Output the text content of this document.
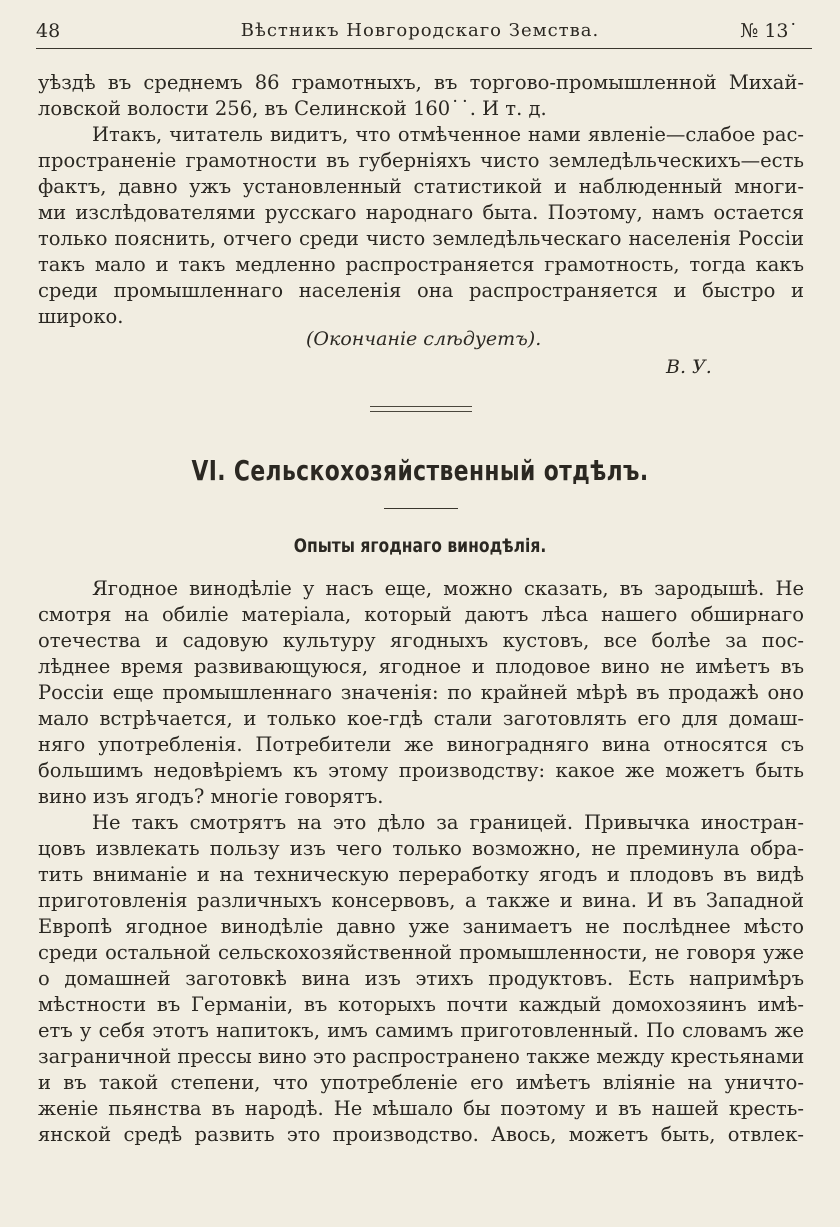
48	Вѣстникъ Новгородскаго Земства.	№ 13˙
уѣздѣ въ среднемъ 86 грамотныхъ, въ торгово-промышленной Михай-
ловской волости 256, въ Селинской 160˙˙. И т. д.
Итакъ, читатель видитъ, что отмѣченное нами явленіе—слабое рас-
пространеніе грамотности въ губерніяхъ чисто земледѣльческихъ—есть
фактъ, давно ужъ установленный статистикой и наблюденный многи-
ми изслѣдователями русскаго народнаго быта. Поэтому, намъ остается
только пояснить, отчего среди чисто земледѣльческаго населенія Россіи
такъ мало и такъ медленно распространяется грамотность, тогда какъ
среди промышленнаго населенія она распространяется и быстро и
широко.
(Окончаніе слѣдуетъ).
В. У.
VI. Сельскохозяйственный отдѣлъ.
Опыты ягоднаго винодѣлія.
Ягодное винодѣліе у насъ еще, можно сказать, въ зародышѣ. Не
смотря на обиліе матеріала, который даютъ лѣса нашего обширнаго
отечества и садовую культуру ягодныхъ кустовъ, все болѣе за пос-
лѣднее время развивающуюся, ягодное и плодовое вино не имѣетъ въ
Россіи еще промышленнаго значенія: по крайней мѣрѣ въ продажѣ оно
мало встрѣчается, и только кое-гдѣ стали заготовлять его для домаш-
няго употребленія. Потребители же виноградняго вина относятся съ
большимъ недовѣріемъ къ этому производству: какое же можетъ быть
вино изъ ягодъ? многіе говорятъ.
Не такъ смотрятъ на это дѣло за границей. Привычка иностран-
цовъ извлекать пользу изъ чего только возможно, не преминула обра-
тить вниманіе и на техническую переработку ягодъ и плодовъ въ видѣ
приготовленія различныхъ консервовъ, а также и вина. И въ Западной
Европѣ ягодное винодѣліе давно уже занимаетъ не послѣднее мѣсто
среди остальной сельскохозяйственной промышленности, не говоря уже
о домашней заготовкѣ вина изъ этихъ продуктовъ. Есть напримѣръ
мѣстности въ Германіи, въ которыхъ почти каждый домохозяинъ имѣ-
етъ у себя этотъ напитокъ, имъ самимъ приготовленный. По словамъ же
заграничной прессы вино это распространено также между крестьянами
и въ такой степени, что употребленіе его имѣетъ вліяніе на уничто-
женіе пьянства въ народѣ. Не мѣшало бы поэтому и въ нашей кресть-
янской средѣ развить это производство. Авось, можетъ быть, отвлек-
